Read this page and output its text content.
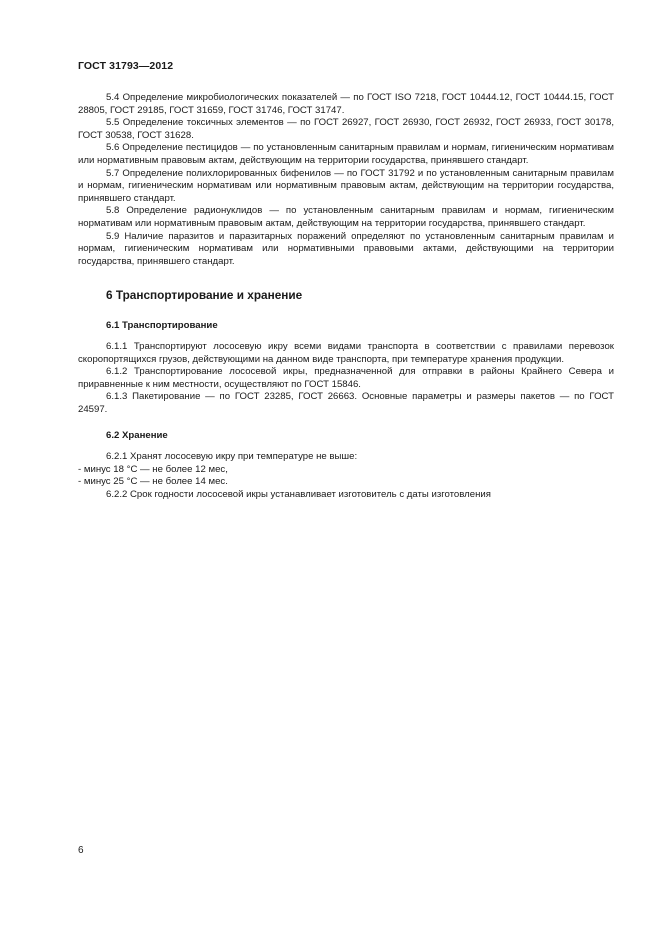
ГОСТ 31793—2012

5.4 Определение микробиологических показателей — по ГОСТ ISO 7218, ГОСТ 10444.12, ГОСТ 10444.15, ГОСТ 28805, ГОСТ 29185, ГОСТ 31659, ГОСТ 31746, ГОСТ 31747.

5.5 Определение токсичных элементов — по ГОСТ 26927, ГОСТ 26930, ГОСТ 26932, ГОСТ 26933, ГОСТ 30178, ГОСТ 30538, ГОСТ 31628.

5.6 Определение пестицидов — по установленным санитарным правилам и нормам, гигиеническим нормативам или нормативным правовым актам, действующим на территории государства, принявшего стандарт.

5.7 Определение полихлорированных бифенилов — по ГОСТ 31792 и по установленным санитарным правилам и нормам, гигиеническим нормативам или нормативным правовым актам, действующим на территории государства, принявшего стандарт.

5.8 Определение радионуклидов — по установленным санитарным правилам и нормам, гигиеническим нормативам или нормативным правовым актам, действующим на территории государства, принявшего стандарт.

5.9 Наличие паразитов и паразитарных поражений определяют по установленным санитарным правилам и нормам, гигиеническим нормативам или нормативными правовыми актами, действующими на территории государства, принявшего стандарт.

6 Транспортирование и хранение
6.1 Транспортирование

6.1.1 Транспортируют лососевую икру всеми видами транспорта в соответствии с правилами перевозок скоропортящихся грузов, действующими на данном виде транспорта, при температуре хранения продукции.

6.1.2 Транспортирование лососевой икры, предназначенной для отправки в районы Крайнего Севера и приравненные к ним местности, осуществляют по ГОСТ 15846.

6.1.3 Пакетирование — по ГОСТ 23285, ГОСТ 26663. Основные параметры и размеры пакетов — по ГОСТ 24597.

6.2 Хранение

6.2.1 Хранят лососевую икру при температуре не выше:

- минус 18 °С — не более 12 мес,

- минус 25 °С — не более 14 мес.

6.2.2 Срок годности лососевой икры устанавливает изготовитель с даты изготовления

6
